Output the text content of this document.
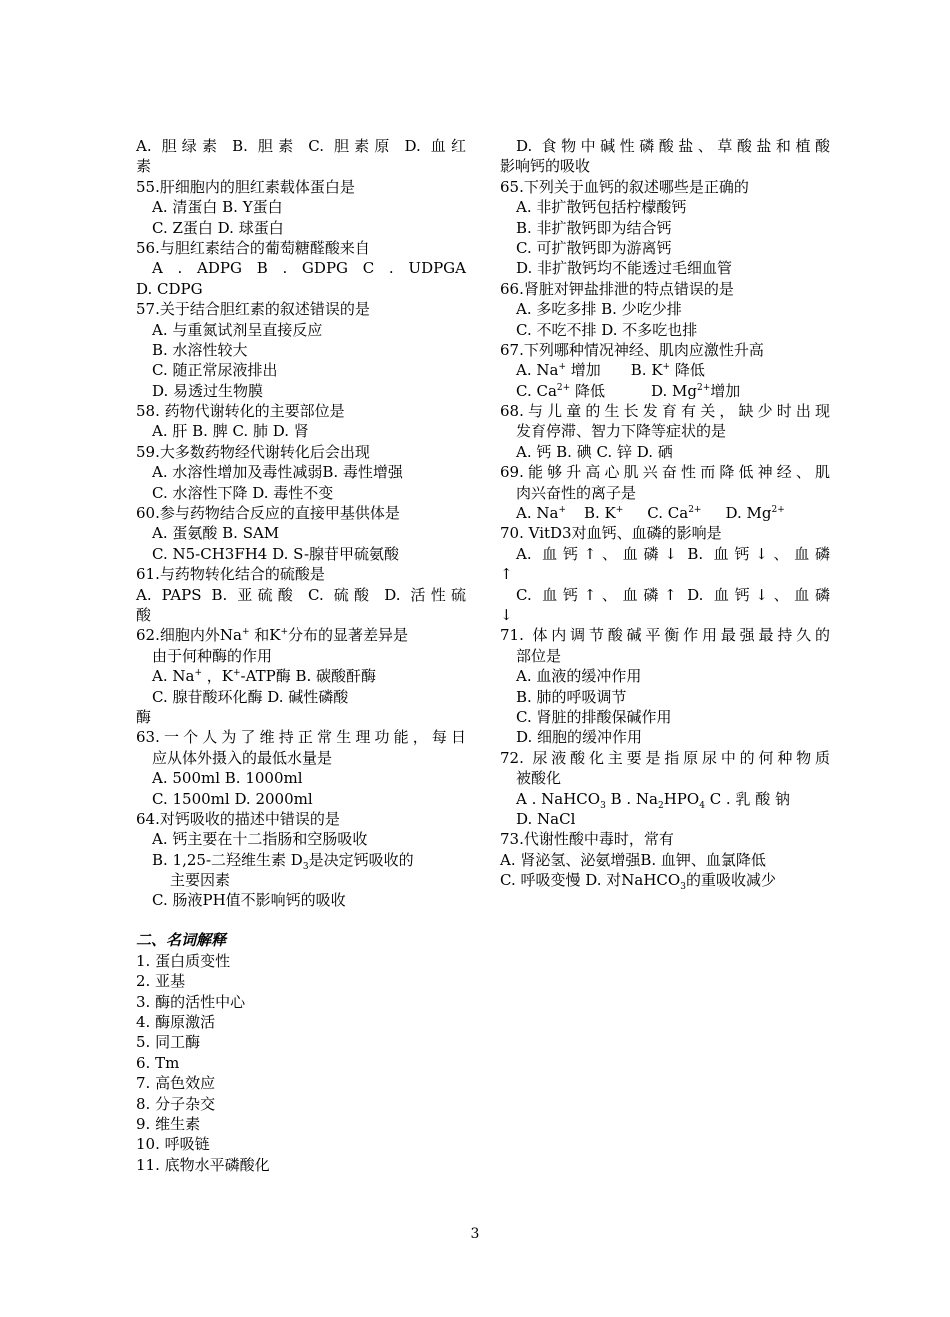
A. 胆绿素 B. 胆素 C. 胆素原 D. 血红
素
55.肝细胞内的胆红素载体蛋白是
A. 清蛋白 B. Y蛋白
C. Z蛋白 D. 球蛋白
56.与胆红素结合的葡萄糖醛酸来自
A . ADPG B . GDPG C . UDPGA
D. CDPG
57.关于结合胆红素的叙述错误的是
A. 与重氮试剂呈直接反应
B. 水溶性较大
C. 随正常尿液排出
D. 易透过生物膜
58. 药物代谢转化的主要部位是
A. 肝 B. 脾 C. 肺 D. 肾
59.大多数药物经代谢转化后会出现
A. 水溶性增加及毒性减弱B. 毒性增强
C. 水溶性下降 D. 毒性不变
60.参与药物结合反应的直接甲基供体是
A. 蛋氨酸 B. SAM
C. N5-CH3FH4 D. S-腺苷甲硫氨酸
61.与药物转化结合的硫酸是
A. PAPS B. 亚硫酸 C. 硫酸 D. 活性硫
酸
62.细胞内外Na+ 和K+分布的显著差异是
由于何种酶的作用
A. Na+ ，K+-ATP酶 B. 碳酸酐酶
C. 腺苷酸环化酶 D. 碱性磷酸
酶
63.一个人为了维持正常生理功能，每日
应从体外摄入的最低水量是
A. 500ml B. 1000ml
C. 1500ml D. 2000ml
64.对钙吸收的描述中错误的是
A. 钙主要在十二指肠和空肠吸收
B. 1,25-二羟维生素 $D_3$是决定钙吸收的
主要因素
C. 肠液PH值不影响钙的吸收
二、名词解释
1. 蛋白质变性
2. 亚基
3. 酶的活性中心
4. 酶原激活
5. 同工酶
6. Tm
7. 高色效应
8. 分子杂交
9. 维生素
10. 呼吸链
11. 底物水平磷酸化
D. 食物中碱性磷酸盐、草酸盐和植酸
影响钙的吸收
65.下列关于血钙的叙述哪些是正确的
A. 非扩散钙包括柠檬酸钙
B. 非扩散钙即为结合钙
C. 可扩散钙即为游离钙
D. 非扩散钙均不能透过毛细血管
66.肾脏对钾盐排泄的特点错误的是
A. 多吃多排 B. 少吃少排
C. 不吃不排 D. 不多吃也排
67.下列哪种情况神经、肌肉应激性升高
A. Na+ 增加 B. K+ 降低
C. $Ca^{2+}$ 降低	D. $Mg^{2+}$增加
68.与儿童的生长发育有关，缺少时出现
发育停滞、智力下降等症状的是
A. 钙 B. 碘 C. 锌 D. 硒
69.能够升高心肌兴奋性而降低神经、肌
肉兴奋性的离子是
A. Na+ B. K+ C. $Ca^{2+}$ D. $Mg^{2+}$
70. VitD3对血钙、血磷的影响是
A. 血钙↑、血磷↓ B. 血钙↓、血磷
↑
C. 血钙↑、血磷↑ D. 血钙↓、血磷
↓
71. 体内调节酸碱平衡作用最强最持久的
部位是
A. 血液的缓冲作用
B. 肺的呼吸调节
C. 肾脏的排酸保碱作用
D. 细胞的缓冲作用
72. 尿液酸化主要是指原尿中的何种物质
被酸化
A . NaHCO$_3$ B . $Na_2HPO_4$ C . 乳 酸 钠
D. NaCl
73.代谢性酸中毒时，常有
A. 肾泌氢、泌氨增强B. 血钾、血氯降低
C. 呼吸变慢 D. 对NaHCO$_3$的重吸收减少
3
